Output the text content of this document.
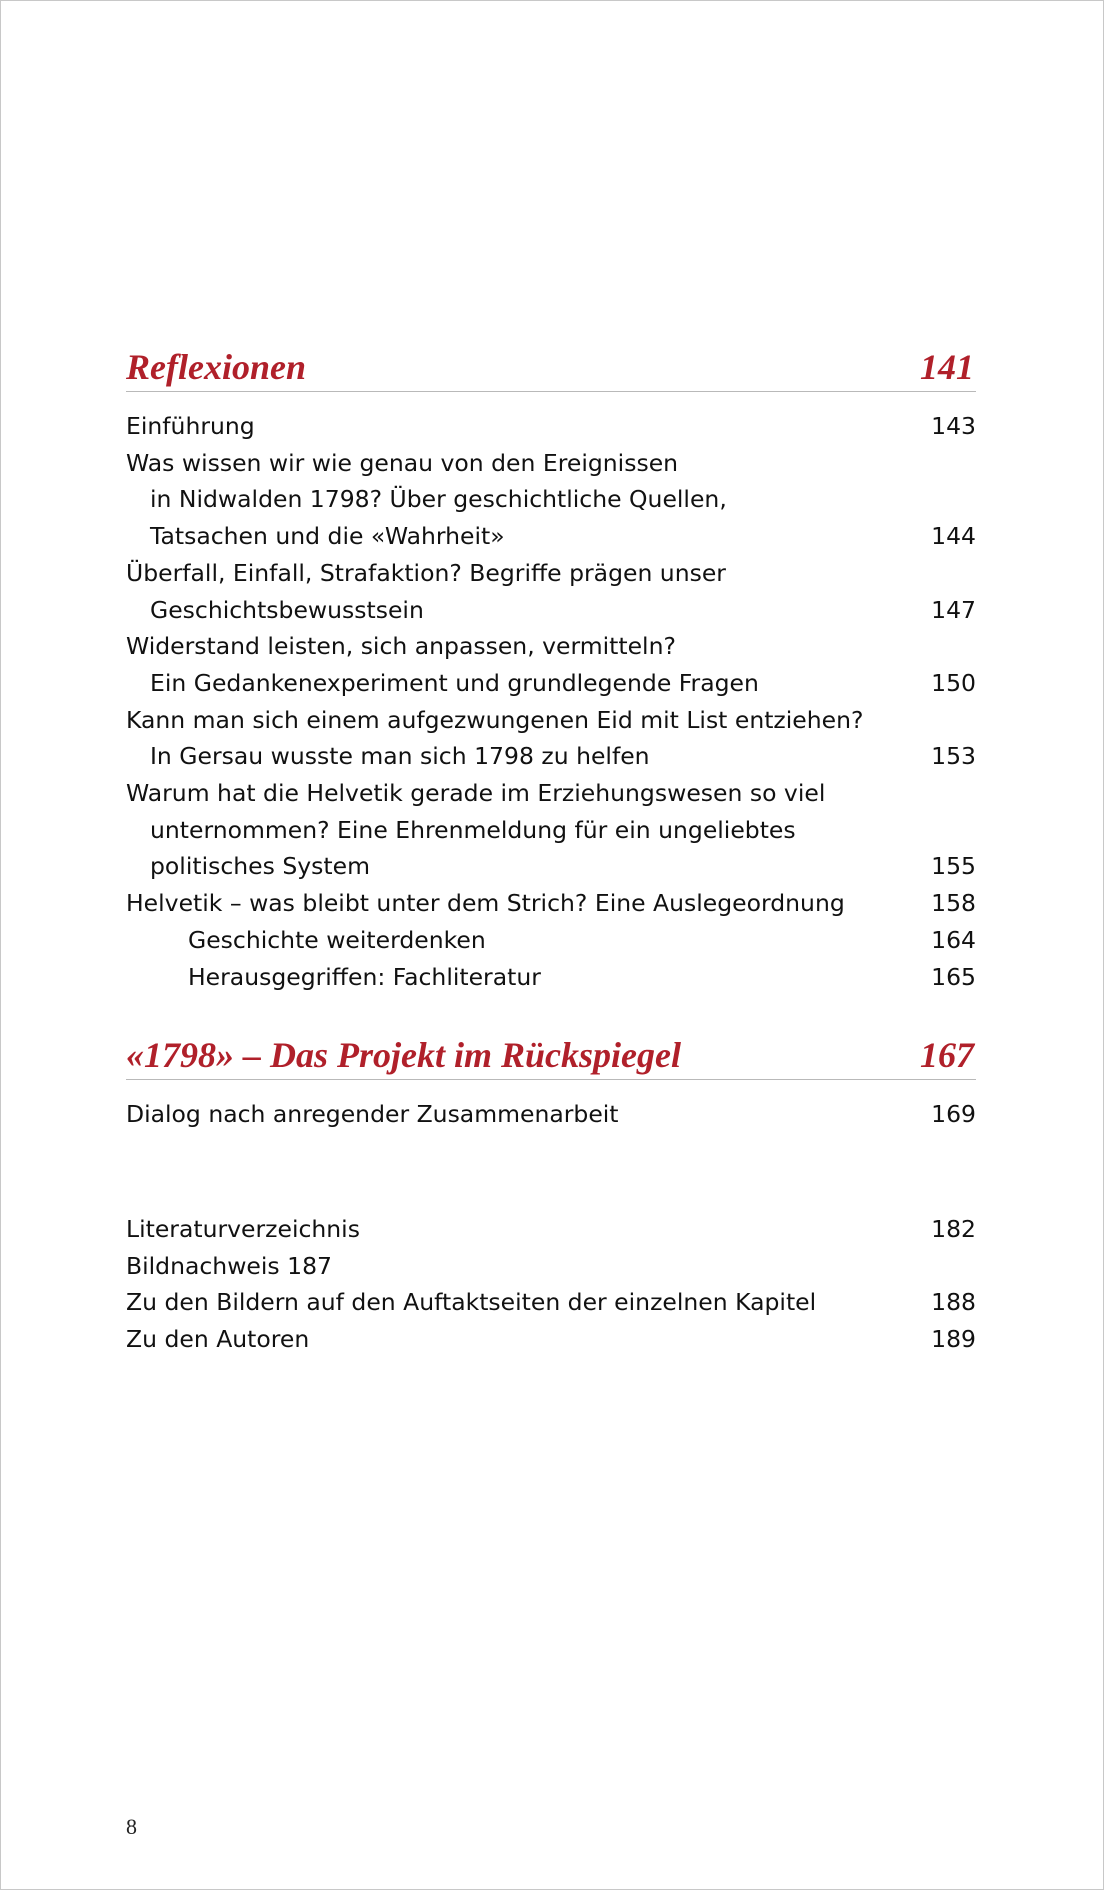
Reflexionen	141
Einführung	143
Was wissen wir wie genau von den Ereignissen
in Nidwalden 1798? Über geschichtliche Quellen,
Tatsachen und die «Wahrheit»	144
Überfall, Einfall, Strafaktion? Begriffe prägen unser
Geschichtsbewusstsein	147
Widerstand leisten, sich anpassen, vermitteln?
Ein Gedankenexperiment und grundlegende Fragen	150
Kann man sich einem aufgezwungenen Eid mit List entziehen?
In Gersau wusste man sich 1798 zu helfen	153
Warum hat die Helvetik gerade im Erziehungswesen so viel
unternommen? Eine Ehrenmeldung für ein ungeliebtes
politisches System	155
Helvetik – was bleibt unter dem Strich? Eine Auslegeordnung	158
Geschichte weiterdenken	164
Herausgegriffen: Fachliteratur	165
«1798» – Das Projekt im Rückspiegel	167
Dialog nach anregender Zusammenarbeit	169
Literaturverzeichnis	182
Bildnachweis 187
Zu den Bildern auf den Auftaktseiten der einzelnen Kapitel	188
Zu den Autoren	189
8
